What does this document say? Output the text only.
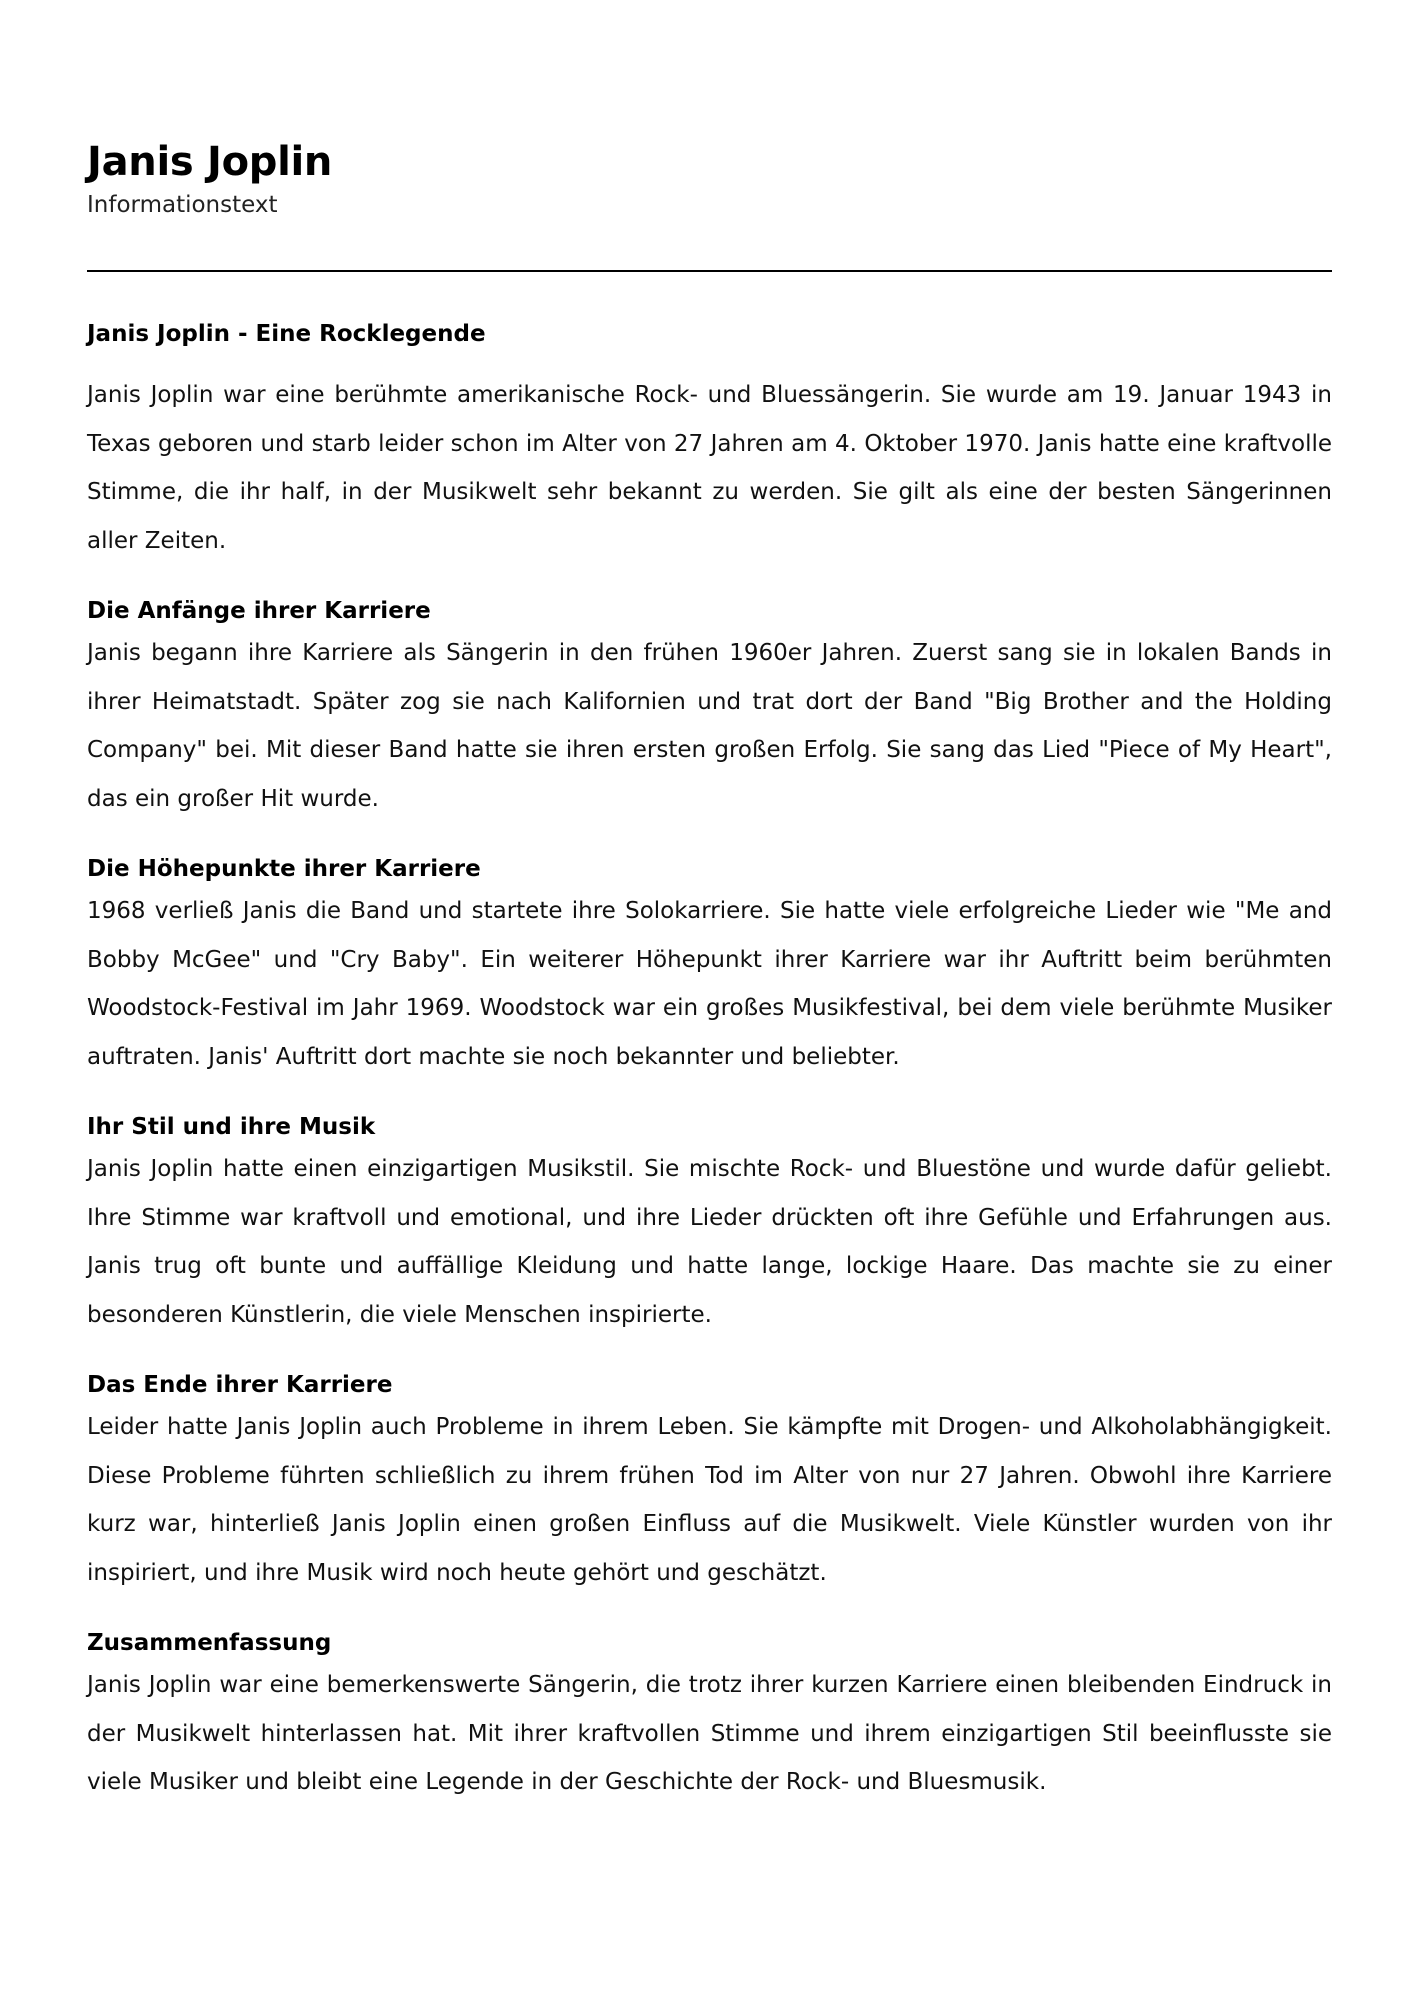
Janis Joplin

Informationstext

Janis Joplin - Eine Rocklegende

Janis Joplin war eine berühmte amerikanische Rock- und Bluessängerin. Sie wurde am 19. Januar 1943 in Texas geboren und starb leider schon im Alter von 27 Jahren am 4. Oktober 1970. Janis hatte eine kraftvolle Stimme, die ihr half, in der Musikwelt sehr bekannt zu werden. Sie gilt als eine der besten Sängerinnen aller Zeiten.

Die Anfänge ihrer Karriere

Janis begann ihre Karriere als Sängerin in den frühen 1960er Jahren. Zuerst sang sie in lokalen Bands in ihrer Heimatstadt. Später zog sie nach Kalifornien und trat dort der Band "Big Brother and the Holding Company" bei. Mit dieser Band hatte sie ihren ersten großen Erfolg. Sie sang das Lied "Piece of My Heart", das ein großer Hit wurde.

Die Höhepunkte ihrer Karriere

1968 verließ Janis die Band und startete ihre Solokarriere. Sie hatte viele erfolgreiche Lieder wie "Me and Bobby McGee" und "Cry Baby". Ein weiterer Höhepunkt ihrer Karriere war ihr Auftritt beim berühmten Woodstock-Festival im Jahr 1969. Woodstock war ein großes Musikfestival, bei dem viele berühmte Musiker auftraten. Janis' Auftritt dort machte sie noch bekannter und beliebter.

Ihr Stil und ihre Musik

Janis Joplin hatte einen einzigartigen Musikstil. Sie mischte Rock- und Bluestöne und wurde dafür geliebt. Ihre Stimme war kraftvoll und emotional, und ihre Lieder drückten oft ihre Gefühle und Erfahrungen aus. Janis trug oft bunte und auffällige Kleidung und hatte lange, lockige Haare. Das machte sie zu einer besonderen Künstlerin, die viele Menschen inspirierte.

Das Ende ihrer Karriere

Leider hatte Janis Joplin auch Probleme in ihrem Leben. Sie kämpfte mit Drogen- und Alkoholabhängigkeit. Diese Probleme führten schließlich zu ihrem frühen Tod im Alter von nur 27 Jahren. Obwohl ihre Karriere kurz war, hinterließ Janis Joplin einen großen Einfluss auf die Musikwelt. Viele Künstler wurden von ihr inspiriert, und ihre Musik wird noch heute gehört und geschätzt.

Zusammenfassung

Janis Joplin war eine bemerkenswerte Sängerin, die trotz ihrer kurzen Karriere einen bleibenden Eindruck in der Musikwelt hinterlassen hat. Mit ihrer kraftvollen Stimme und ihrem einzigartigen Stil beeinflusste sie viele Musiker und bleibt eine Legende in der Geschichte der Rock- und Bluesmusik.
